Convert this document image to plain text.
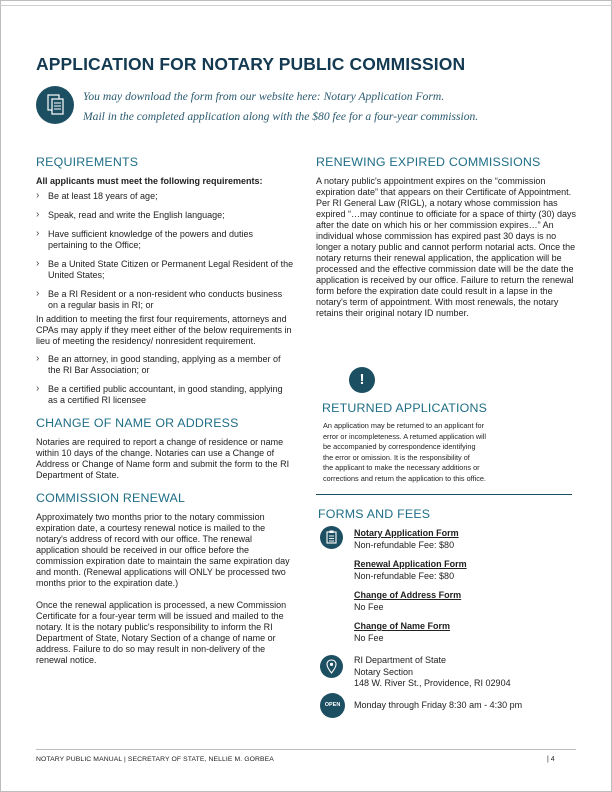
APPLICATION FOR NOTARY PUBLIC COMMISSION
You may download the form from our website here: Notary Application Form.
Mail in the completed application along with the $80 fee for a four-year commission.
REQUIREMENTS
All applicants must meet the following requirements:
› Be at least 18 years of age;
› Speak, read and write the English language;
› Have sufficient knowledge of the powers and duties pertaining to the Office;
› Be a United State Citizen or Permanent Legal Resident of the United States;
› Be a RI Resident or a non-resident who conducts business on a regular basis in RI; or
In addition to meeting the first four requirements, attorneys and CPAs may apply if they meet either of the below requirements in lieu of meeting the residency/ nonresident requirement.
› Be an attorney, in good standing, applying as a member of the RI Bar Association; or
› Be a certified public accountant, in good standing, applying as a certified RI licensee
CHANGE OF NAME OR ADDRESS
Notaries are required to report a change of residence or name within 10 days of the change. Notaries can use a Change of Address or Change of Name form and submit the form to the RI Department of State.
COMMISSION RENEWAL
Approximately two months prior to the notary commission expiration date, a courtesy renewal notice is mailed to the notary's address of record with our office. The renewal application should be received in our office before the commission expiration date to maintain the same expiration day and month. (Renewal applications will ONLY be processed two months prior to the expiration date.)
Once the renewal application is processed, a new Commission Certificate for a four-year term will be issued and mailed to the notary. It is the notary public's responsibility to inform the RI Department of State, Notary Section of a change of name or address. Failure to do so may result in non-delivery of the renewal notice.
RENEWING EXPIRED COMMISSIONS
A notary public's appointment expires on the “commission expiration date” that appears on their Certificate of Appointment. Per RI General Law (RIGL), a notary whose commission has expired “…may continue to officiate for a space of thirty (30) days after the date on which his or her commission expires…” An individual whose commission has expired past 30 days is no longer a notary public and cannot perform notarial acts. Once the notary returns their renewal application, the application will be processed and the effective commission date will be the date the application is received by our office. Failure to return the renewal form before the expiration date could result in a lapse in the notary's term of appointment. With most renewals, the notary retains their original notary ID number.
!
RETURNED APPLICATIONS
An application may be returned to an applicant for
error or incompleteness. A returned application will
be accompanied by correspondence identifying
the error or omission. It is the responsibility of
the applicant to make the necessary additions or
corrections and return the application to this office.
FORMS AND FEES
Notary Application Form
Non-refundable Fee: $80
Renewal Application Form
Non-refundable Fee: $80
Change of Address Form
No Fee
Change of Name Form
No Fee
RI Department of State
Notary Section
148 W. River St., Providence, RI 02904
OPEN	Monday through Friday 8:30 am - 4:30 pm
NOTARY PUBLIC MANUAL | SECRETARY OF STATE, NELLIE M. GORBEA	| 4
